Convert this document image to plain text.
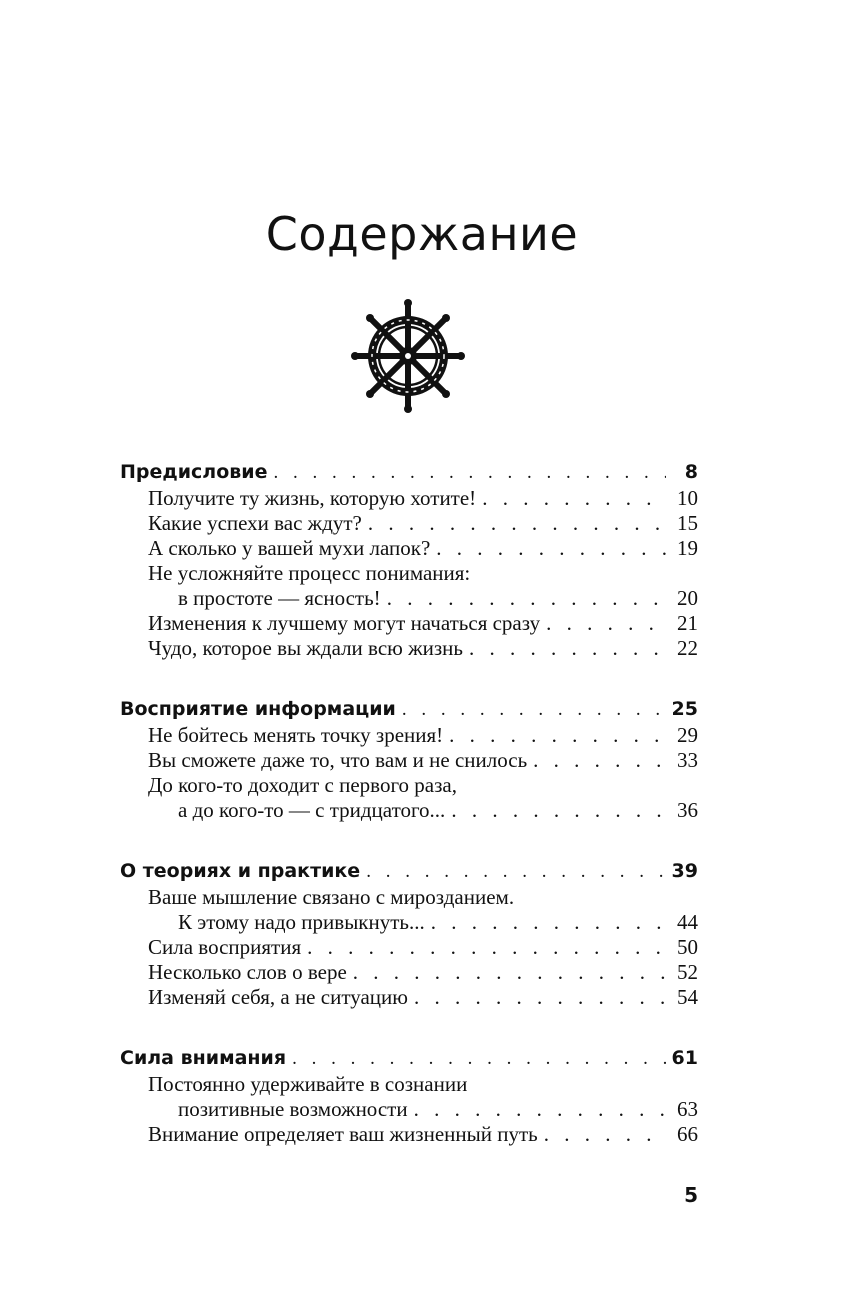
Содержание
Предисловие . . .	8
Получите ту жизнь, которую хотите! . . .	10
Какие успехи вас ждут? . . .	15
А сколько у вашей мухи лапок? . . .	19
Не усложняйте процесс понимания:
в простоте — ясность! . . .	20
Изменения к лучшему могут начаться сразу . . .	21
Чудо, которое вы ждали всю жизнь . . .	22
Восприятие информации . . .	25
Не бойтесь менять точку зрения! . . .	29
Вы сможете даже то, что вам и не снилось . . .	33
До кого-то доходит с первого раза,
а до кого-то — с тридцатого... . . .	36
О теориях и практике . . .	39
Ваше мышление связано с мирозданием.
К этому надо привыкнуть... . . .	44
Сила восприятия . . .	50
Несколько слов о вере . . .	52
Изменяй себя, а не ситуацию . . .	54
Сила внимания . . .	61
Постоянно удерживайте в сознании
позитивные возможности . . .	63
Внимание определяет ваш жизненный путь . . .	66
5
